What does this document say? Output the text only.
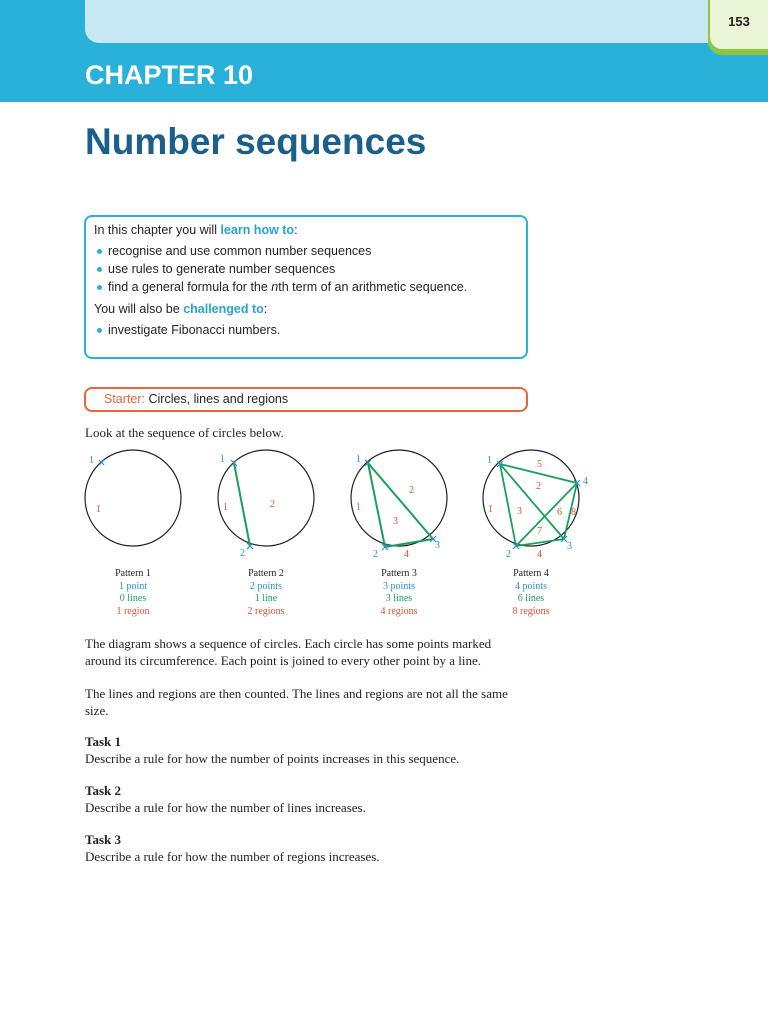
153
CHAPTER 10
Number sequences

In this chapter you will learn how to:

recognise and use common number sequences
use rules to generate number sequences
find a general formula for the nth term of an arithmetic sequence.

You will also be challenged to:

investigate Fibonacci numbers.
Starter: Circles, lines and regions

Look at the sequence of circles below.

1
1
1
2
1	2
1
2
3
1
2
3
4
1
2
3
4
1
2
3
4
5
6
7
8
Pattern 1
1 point
0 lines
1 region
Pattern 2
2 points
1 line
2 regions
Pattern 3
3 points
3 lines
4 regions
Pattern 4
4 points
6 lines
8 regions

The diagram shows a sequence of circles. Each circle has some points marked around its circumference. Each point is joined to every other point by a line.

The lines and regions are then counted. The lines and regions are not all the same size.

Task 1
Describe a rule for how the number of points increases in this sequence.

Task 2
Describe a rule for how the number of lines increases.

Task 3
Describe a rule for how the number of regions increases.
